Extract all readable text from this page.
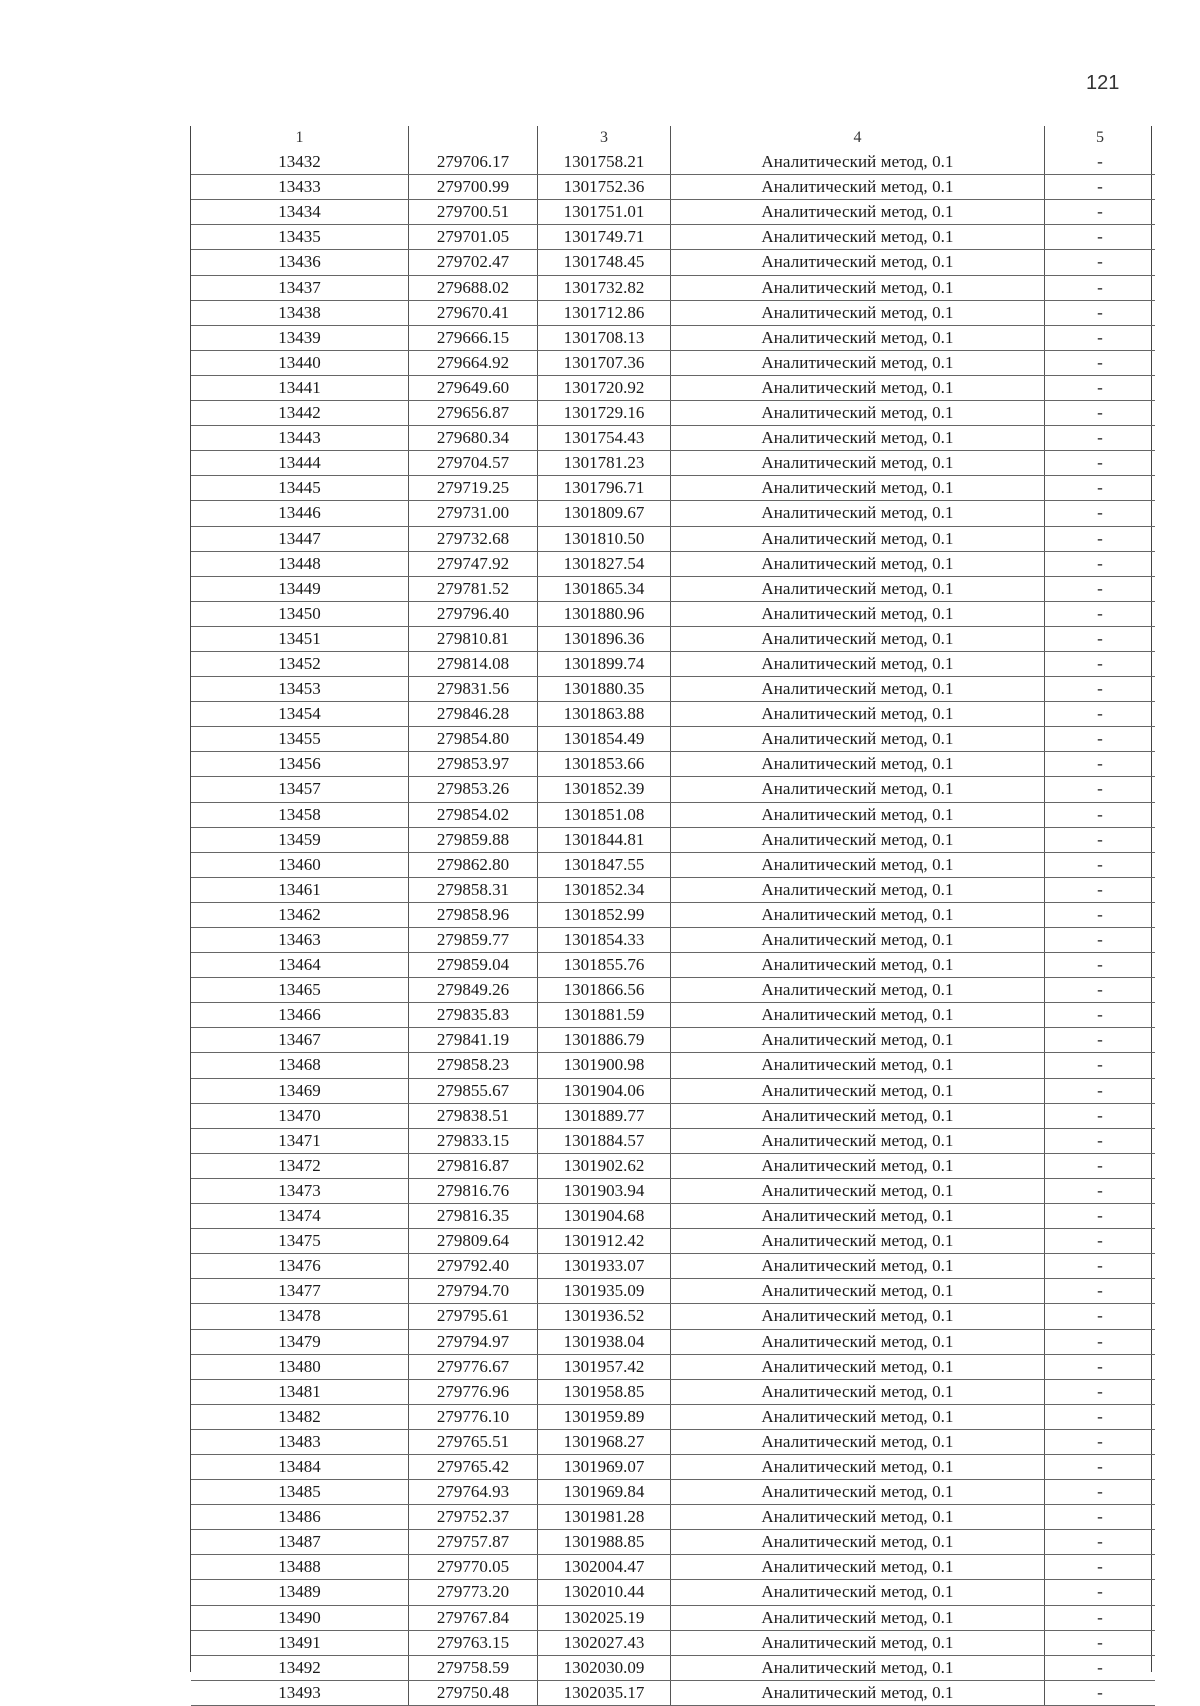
121
1		3	4	5
13432	279706.17	1301758.21	Аналитический метод, 0.1	-
13433	279700.99	1301752.36	Аналитический метод, 0.1	-
13434	279700.51	1301751.01	Аналитический метод, 0.1	-
13435	279701.05	1301749.71	Аналитический метод, 0.1	-
13436	279702.47	1301748.45	Аналитический метод, 0.1	-
13437	279688.02	1301732.82	Аналитический метод, 0.1	-
13438	279670.41	1301712.86	Аналитический метод, 0.1	-
13439	279666.15	1301708.13	Аналитический метод, 0.1	-
13440	279664.92	1301707.36	Аналитический метод, 0.1	-
13441	279649.60	1301720.92	Аналитический метод, 0.1	-
13442	279656.87	1301729.16	Аналитический метод, 0.1	-
13443	279680.34	1301754.43	Аналитический метод, 0.1	-
13444	279704.57	1301781.23	Аналитический метод, 0.1	-
13445	279719.25	1301796.71	Аналитический метод, 0.1	-
13446	279731.00	1301809.67	Аналитический метод, 0.1	-
13447	279732.68	1301810.50	Аналитический метод, 0.1	-
13448	279747.92	1301827.54	Аналитический метод, 0.1	-
13449	279781.52	1301865.34	Аналитический метод, 0.1	-
13450	279796.40	1301880.96	Аналитический метод, 0.1	-
13451	279810.81	1301896.36	Аналитический метод, 0.1	-
13452	279814.08	1301899.74	Аналитический метод, 0.1	-
13453	279831.56	1301880.35	Аналитический метод, 0.1	-
13454	279846.28	1301863.88	Аналитический метод, 0.1	-
13455	279854.80	1301854.49	Аналитический метод, 0.1	-
13456	279853.97	1301853.66	Аналитический метод, 0.1	-
13457	279853.26	1301852.39	Аналитический метод, 0.1	-
13458	279854.02	1301851.08	Аналитический метод, 0.1	-
13459	279859.88	1301844.81	Аналитический метод, 0.1	-
13460	279862.80	1301847.55	Аналитический метод, 0.1	-
13461	279858.31	1301852.34	Аналитический метод, 0.1	-
13462	279858.96	1301852.99	Аналитический метод, 0.1	-
13463	279859.77	1301854.33	Аналитический метод, 0.1	-
13464	279859.04	1301855.76	Аналитический метод, 0.1	-
13465	279849.26	1301866.56	Аналитический метод, 0.1	-
13466	279835.83	1301881.59	Аналитический метод, 0.1	-
13467	279841.19	1301886.79	Аналитический метод, 0.1	-
13468	279858.23	1301900.98	Аналитический метод, 0.1	-
13469	279855.67	1301904.06	Аналитический метод, 0.1	-
13470	279838.51	1301889.77	Аналитический метод, 0.1	-
13471	279833.15	1301884.57	Аналитический метод, 0.1	-
13472	279816.87	1301902.62	Аналитический метод, 0.1	-
13473	279816.76	1301903.94	Аналитический метод, 0.1	-
13474	279816.35	1301904.68	Аналитический метод, 0.1	-
13475	279809.64	1301912.42	Аналитический метод, 0.1	-
13476	279792.40	1301933.07	Аналитический метод, 0.1	-
13477	279794.70	1301935.09	Аналитический метод, 0.1	-
13478	279795.61	1301936.52	Аналитический метод, 0.1	-
13479	279794.97	1301938.04	Аналитический метод, 0.1	-
13480	279776.67	1301957.42	Аналитический метод, 0.1	-
13481	279776.96	1301958.85	Аналитический метод, 0.1	-
13482	279776.10	1301959.89	Аналитический метод, 0.1	-
13483	279765.51	1301968.27	Аналитический метод, 0.1	-
13484	279765.42	1301969.07	Аналитический метод, 0.1	-
13485	279764.93	1301969.84	Аналитический метод, 0.1	-
13486	279752.37	1301981.28	Аналитический метод, 0.1	-
13487	279757.87	1301988.85	Аналитический метод, 0.1	-
13488	279770.05	1302004.47	Аналитический метод, 0.1	-
13489	279773.20	1302010.44	Аналитический метод, 0.1	-
13490	279767.84	1302025.19	Аналитический метод, 0.1	-
13491	279763.15	1302027.43	Аналитический метод, 0.1	-
13492	279758.59	1302030.09	Аналитический метод, 0.1	-
13493	279750.48	1302035.17	Аналитический метод, 0.1	-
